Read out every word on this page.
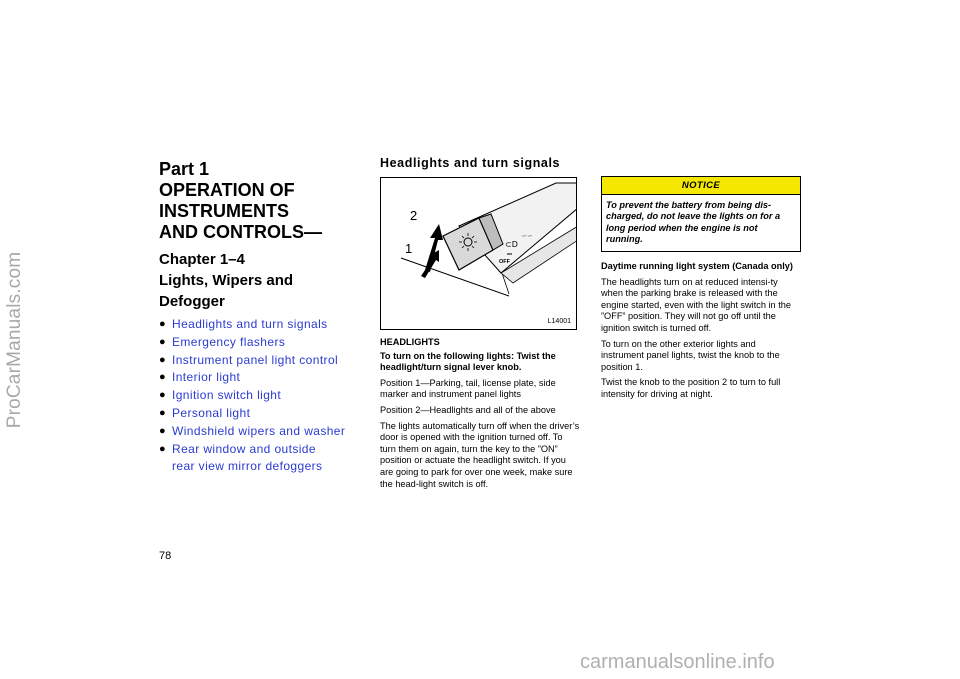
ProCarManuals.com
Part 1
OPERATION OF
INSTRUMENTS
AND CONTROLS—
Chapter 1–4
Lights, Wipers and
Defogger
● Headlights and turn signals
● Emergency flashers
● Instrument panel light control
● Interior light
● Ignition switch light
● Personal light
● Windshield wipers and washer
● Rear window and outside rear view mirror defoggers
78
Headlights and turn signals
⊂D
∽∽
OFF
2
1
L14001

HEADLIGHTS

To turn on the following lights: Twist the headlight/turn signal lever knob.

Position 1—Parking, tail, license plate, side marker and instrument panel lights

Position 2—Headlights and all of the above

The lights automatically turn off when the driver’s door is opened with the ignition turned off. To turn them on again, turn the key to the ”ON” position or actuate the headlight switch. If you are going to park for over one week, make sure the head-light switch is off.

NOTICE
To prevent the battery from being dis-charged, do not leave the lights on for a long period when the engine is not running.

Daytime running light system (Canada only)

The headlights turn on at reduced intensi-ty when the parking brake is released with the engine started, even with the light switch in the ”OFF” position. They will not go off until the ignition switch is turned off.

To turn on the other exterior lights and instrument panel lights, twist the knob to the position 1.

Twist the knob to the position 2 to turn to full intensity for driving at night.

carmanualsonline.info
